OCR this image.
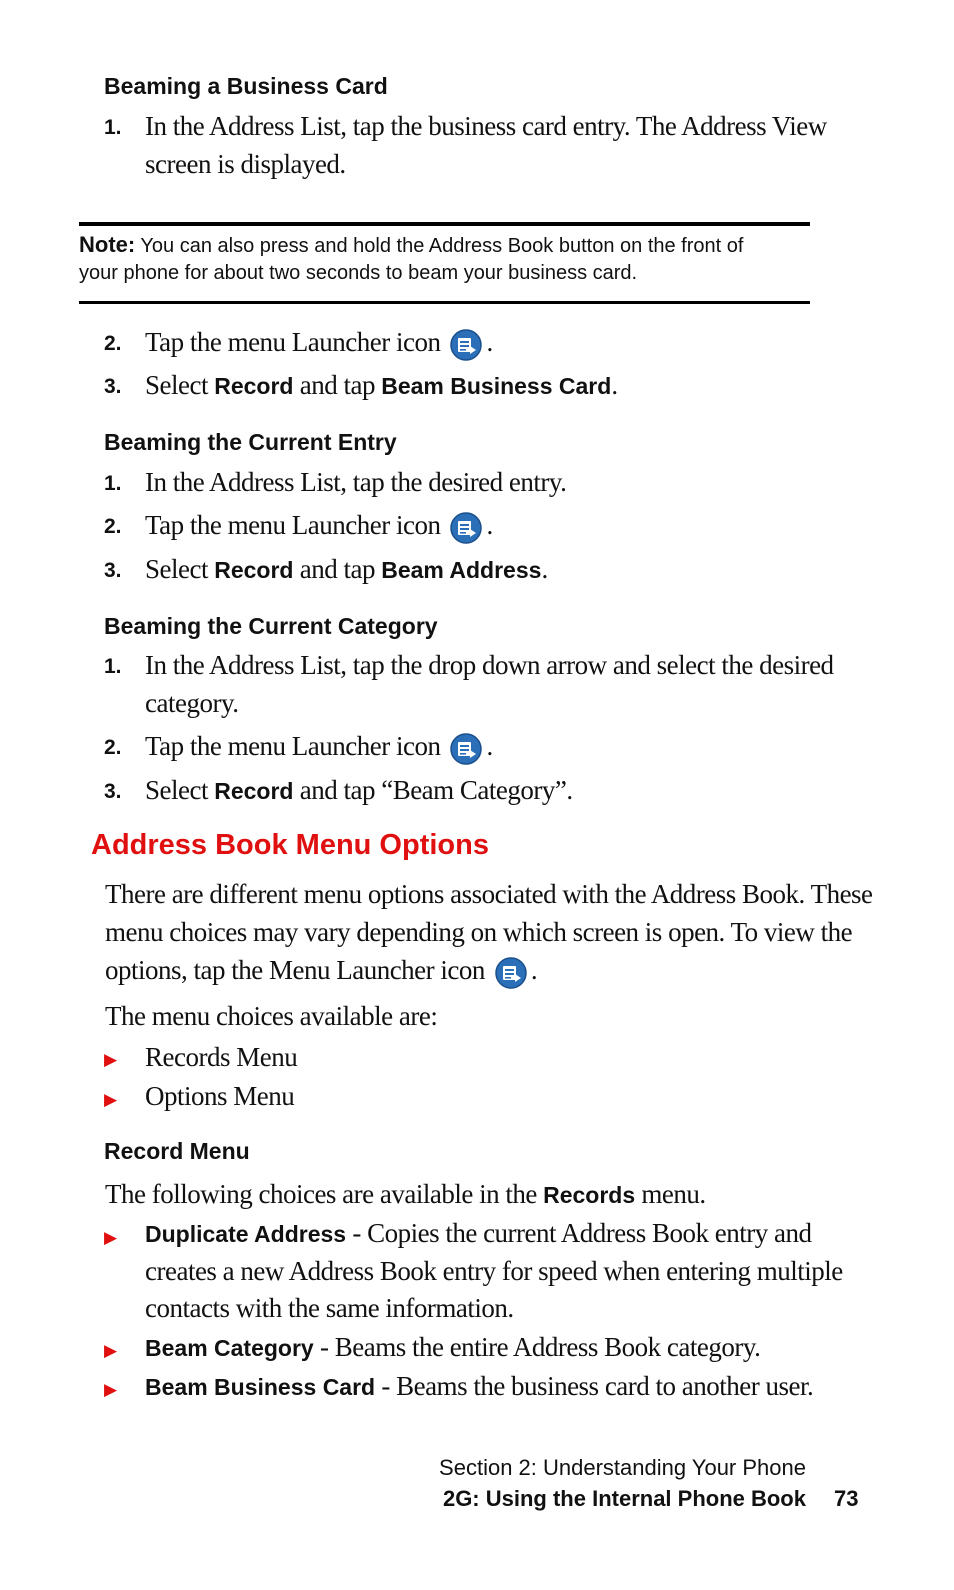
Beaming a Business Card
1. In the Address List, tap the business card entry. The Address View
screen is displayed.
Note: You can also press and hold the Address Book button on the front of
your phone for about two seconds to beam your business card.
2. Tap the menu Launcher icon .
3. Select Record and tap Beam Business Card.
Beaming the Current Entry
1. In the Address List, tap the desired entry.
2. Tap the menu Launcher icon .
3. Select Record and tap Beam Address.
Beaming the Current Category
1. In the Address List, tap the drop down arrow and select the desired
category.
2. Tap the menu Launcher icon .
3. Select Record and tap “Beam Category”.
Address Book Menu Options
There are different menu options associated with the Address Book. These
menu choices may vary depending on which screen is open. To view the
options, tap the Menu Launcher icon .
The menu choices available are:
▶ Records Menu
▶ Options Menu
Record Menu
The following choices are available in the Records menu.
▶ Duplicate Address - Copies the current Address Book entry and
creates a new Address Book entry for speed when entering multiple
contacts with the same information.
▶ Beam Category - Beams the entire Address Book category.
▶ Beam Business Card - Beams the business card to another user.
Section 2: Understanding Your Phone
2G: Using the Internal Phone Book 73
